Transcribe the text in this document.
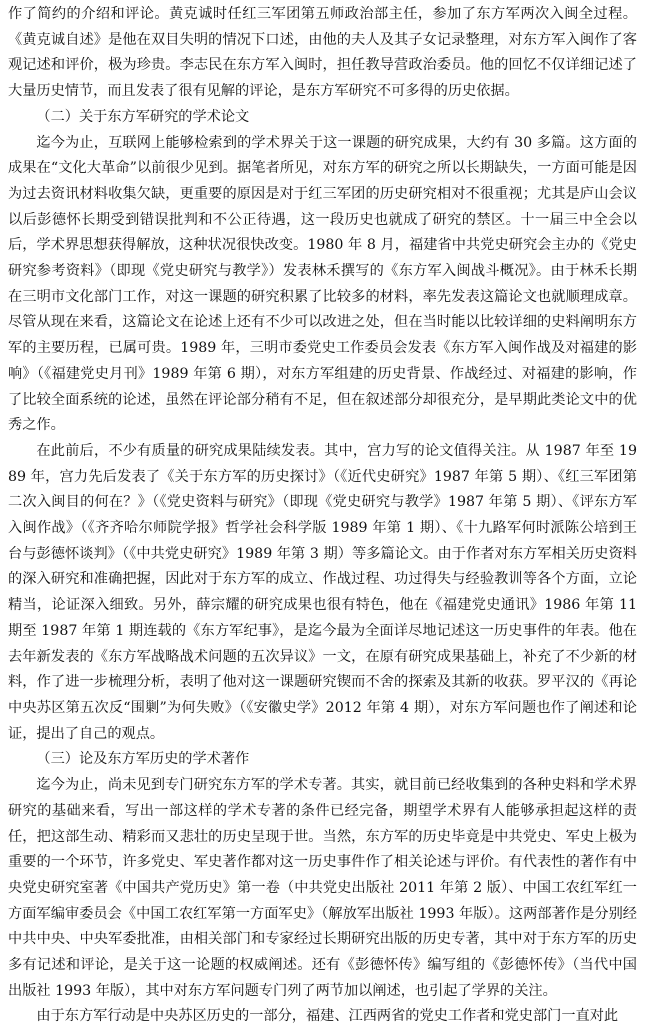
作了简约的介绍和评论。黄克诚时任红三军团第五师政治部主任，参加了东方军两次入闽全过程。《黄克诚自述》是他在双目失明的情况下口述，由他的夫人及其子女记录整理，对东方军入闽作了客观记述和评价，极为珍贵。李志民在东方军入闽时，担任教导营政治委员。他的回忆不仅详细记述了大量历史情节，而且发表了很有见解的评论，是东方军研究不可多得的历史依据。

（二）关于东方军研究的学术论文

迄今为止，互联网上能够检索到的学术界关于这一课题的研究成果，大约有 30 多篇。这方面的成果在“文化大革命”以前很少见到。据笔者所见，对东方军的研究之所以长期缺失，一方面可能是因为过去资讯材料收集欠缺，更重要的原因是对于红三军团的历史研究相对不很重视；尤其是庐山会议以后彭德怀长期受到错误批判和不公正待遇，这一段历史也就成了研究的禁区。十一届三中全会以后，学术界思想获得解放，这种状况很快改变。1980 年 8 月，福建省中共党史研究会主办的《党史研究参考资料》（即现《党史研究与教学》）发表林禾撰写的《东方军入闽战斗概况》。由于林禾长期在三明市文化部门工作，对这一课题的研究积累了比较多的材料，率先发表这篇论文也就顺理成章。尽管从现在来看，这篇论文在论述上还有不少可以改进之处，但在当时能以比较详细的史料阐明东方军的主要历程，已属可贵。1989 年，三明市委党史工作委员会发表《东方军入闽作战及对福建的影响》（《福建党史月刊》1989 年第 6 期），对东方军组建的历史背景、作战经过、对福建的影响，作了比较全面系统的论述，虽然在评论部分稍有不足，但在叙述部分却很充分，是早期此类论文中的优秀之作。

在此前后，不少有质量的研究成果陆续发表。其中，宫力写的论文值得关注。从 1987 年至 1989 年，宫力先后发表了《关于东方军的历史探讨》（《近代史研究》1987 年第 5 期）、《红三军团第二次入闽目的何在？》（《党史资料与研究》（即现《党史研究与教学》1987 年第 5 期）、《评东方军入闽作战》（《齐齐哈尔师院学报》哲学社会科学版 1989 年第 1 期）、《十九路军何时派陈公培到王台与彭德怀谈判》（《中共党史研究》1989 年第 3 期）等多篇论文。由于作者对东方军相关历史资料的深入研究和准确把握，因此对于东方军的成立、作战过程、功过得失与经验教训等各个方面，立论精当，论证深入细致。另外，薛宗耀的研究成果也很有特色，他在《福建党史通讯》1986 年第 11 期至 1987 年第 1 期连载的《东方军纪事》，是迄今最为全面详尽地记述这一历史事件的年表。他在去年新发表的《东方军战略战术问题的五次异议》一文，在原有研究成果基础上，补充了不少新的材料，作了进一步梳理分析，表明了他对这一课题研究锲而不舍的探索及其新的收获。罗平汉的《再论中央苏区第五次反“围剿”为何失败》（《安徽史学》2012 年第 4 期），对东方军问题也作了阐述和论证，提出了自己的观点。

（三）论及东方军历史的学术著作

迄今为止，尚未见到专门研究东方军的学术专著。其实，就目前已经收集到的各种史料和学术界研究的基础来看，写出一部这样的学术专著的条件已经完备，期望学术界有人能够承担起这样的责任，把这部生动、精彩而又悲壮的历史呈现于世。当然，东方军的历史毕竟是中共党史、军史上极为重要的一个环节，许多党史、军史著作都对这一历史事件作了相关论述与评价。有代表性的著作有中央党史研究室著《中国共产党历史》第一卷（中共党史出版社 2011 年第 2 版）、中国工农红军红一方面军编审委员会《中国工农红军第一方面军史》（解放军出版社 1993 年版）。这两部著作是分别经中共中央、中央军委批准，由相关部门和专家经过长期研究出版的历史专著，其中对于东方军的历史多有记述和评论，是关于这一论题的权威阐述。还有《彭德怀传》编写组的《彭德怀传》（当代中国出版社 1993 年版），其中对东方军问题专门列了两节加以阐述，也引起了学界的关注。

由于东方军行动是中央苏区历史的一部分，福建、江西两省的党史工作者和党史部门一直对此
